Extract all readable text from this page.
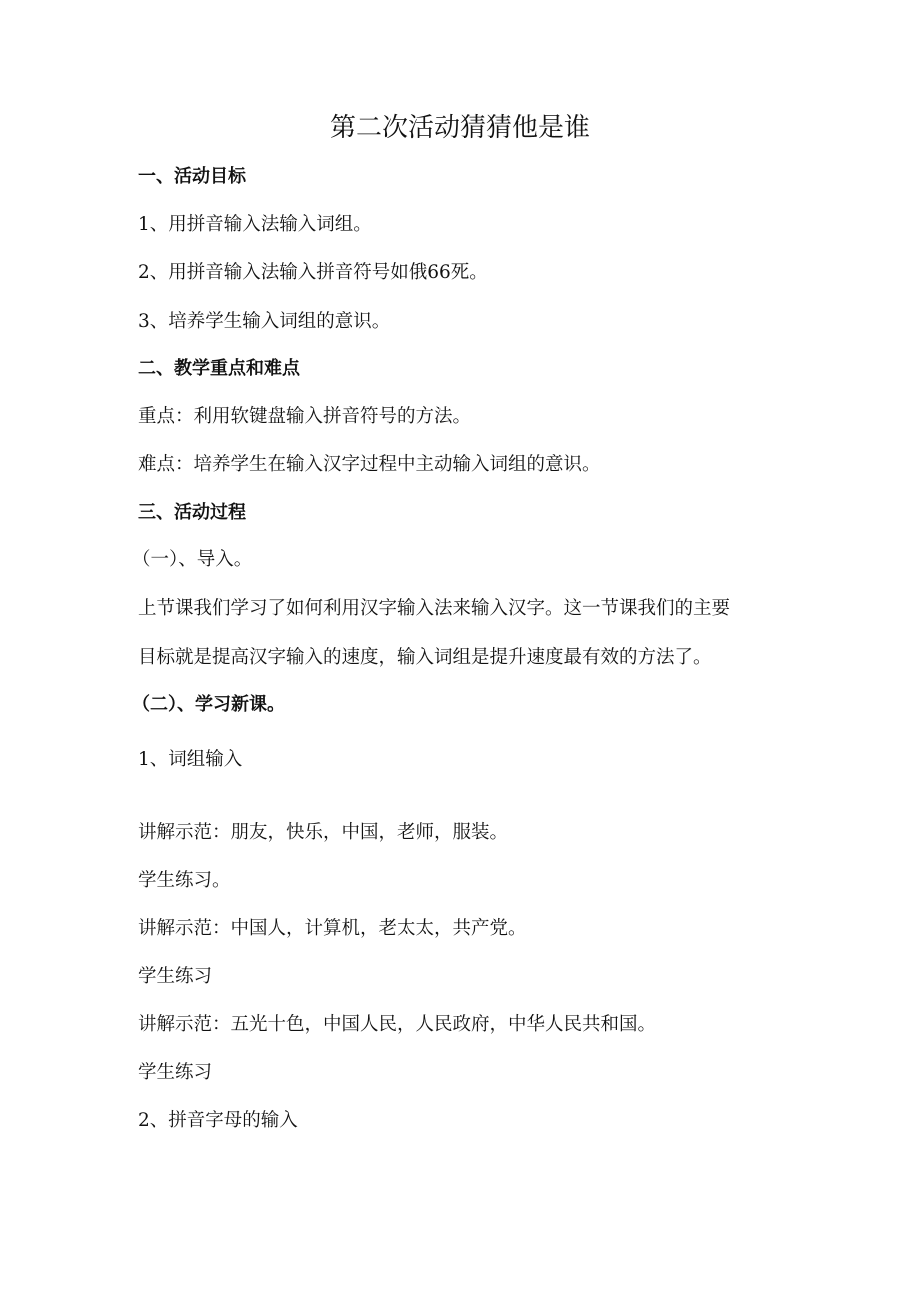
第二次活动猜猜他是谁
一、活动目标
1、用拼音输入法输入词组。
2、用拼音输入法输入拼音符号如俄66死。
3、培养学生输入词组的意识。
二、教学重点和难点
重点：利用软键盘输入拼音符号的方法。
难点：培养学生在输入汉字过程中主动输入词组的意识。
三、活动过程
（一）、导入。
上节课我们学习了如何利用汉字输入法来输入汉字。这一节课我们的主要
目标就是提高汉字输入的速度，输入词组是提升速度最有效的方法了。
（二）、学习新课。
1、词组输入
讲解示范：朋友，快乐，中国，老师，服装。
学生练习。
讲解示范：中国人，计算机，老太太，共产党。
学生练习
讲解示范：五光十色，中国人民，人民政府，中华人民共和国。
学生练习
2、拼音字母的输入
